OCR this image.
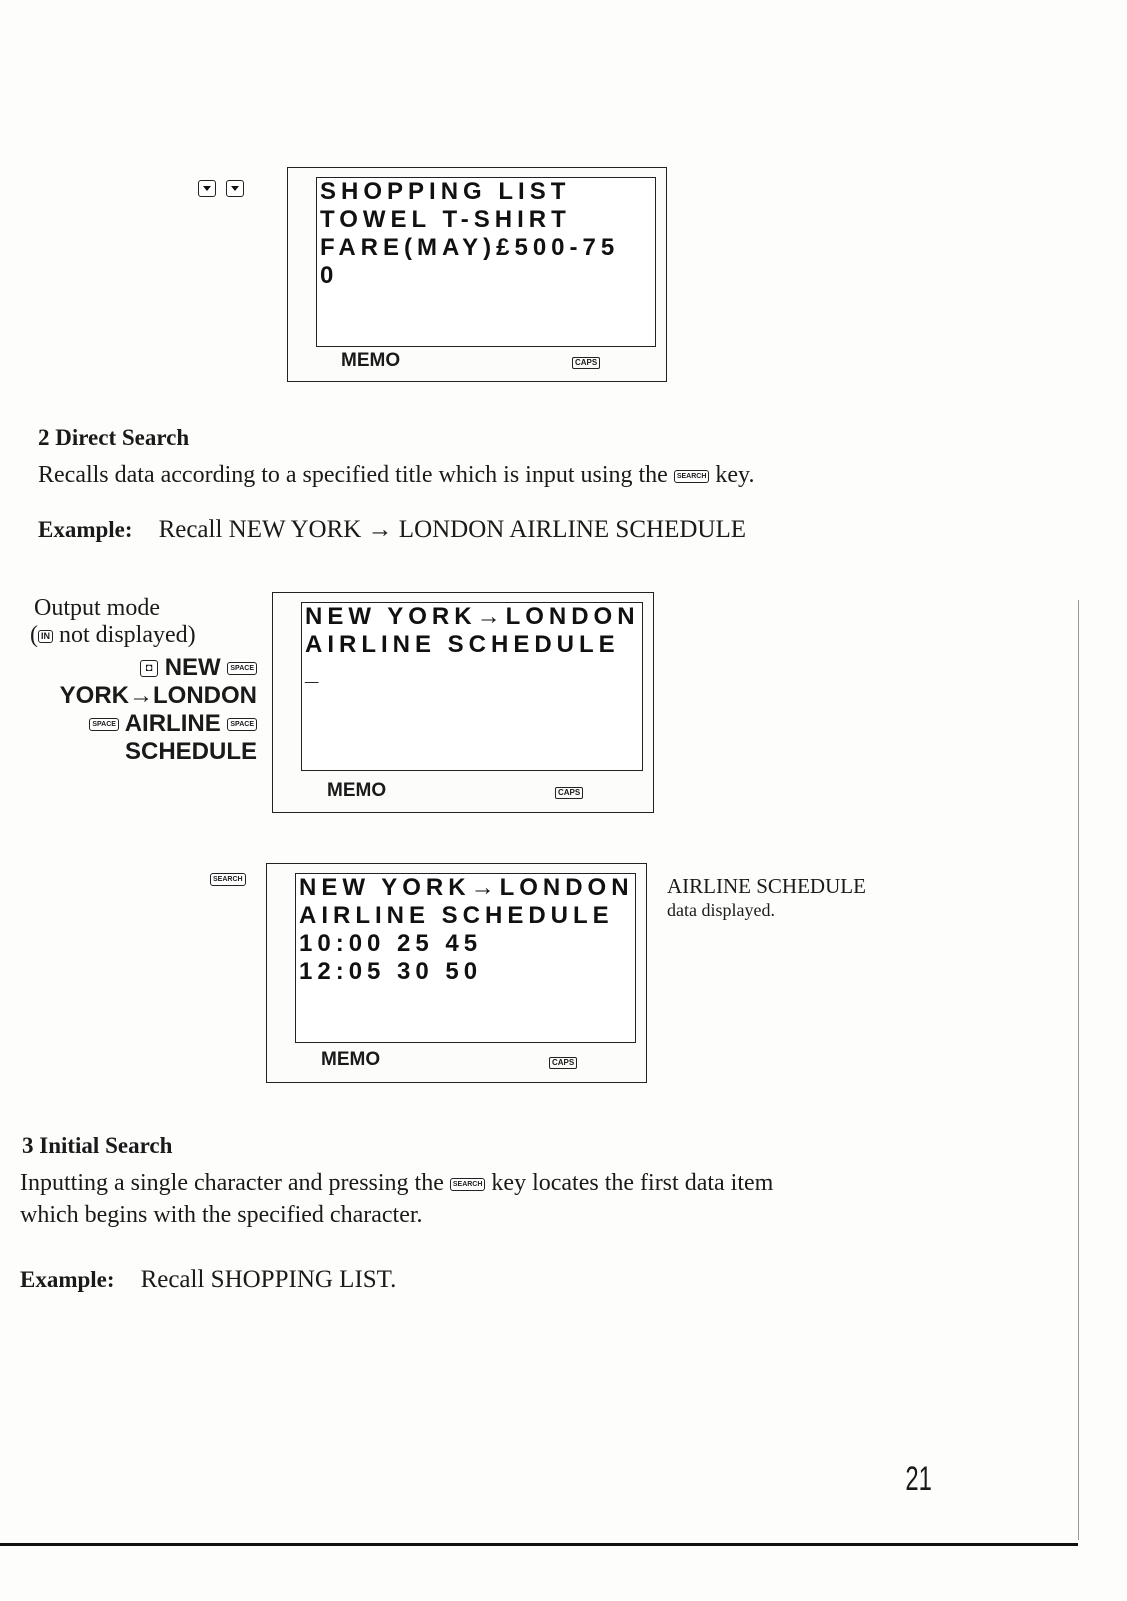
SHOPPING LIST
TOWEL T-SHIRT
FARE(MAY)£500-75
0
MEMO	CAPS
2 Direct Search
Recalls data according to a specified title which is input using the SEARCH key.
Example: Recall NEW YORK → LONDON AIRLINE SCHEDULE
Output mode
( IN not displayed)
◘ NEW SPACE
YORK→LONDON
SPACE AIRLINE SPACE
SCHEDULE
NEW YORK→LONDON
AIRLINE SCHEDULE
_
MEMO	CAPS
SEARCH NEW YORK→LONDON
AIRLINE SCHEDULE
10:00 25 45
12:05 30 50
MEMO	CAPS
AIRLINE SCHEDULE
data displayed.
3 Initial Search
Inputting a single character and pressing the SEARCH key locates the first data item
which begins with the specified character.
Example: Recall SHOPPING LIST.
21
